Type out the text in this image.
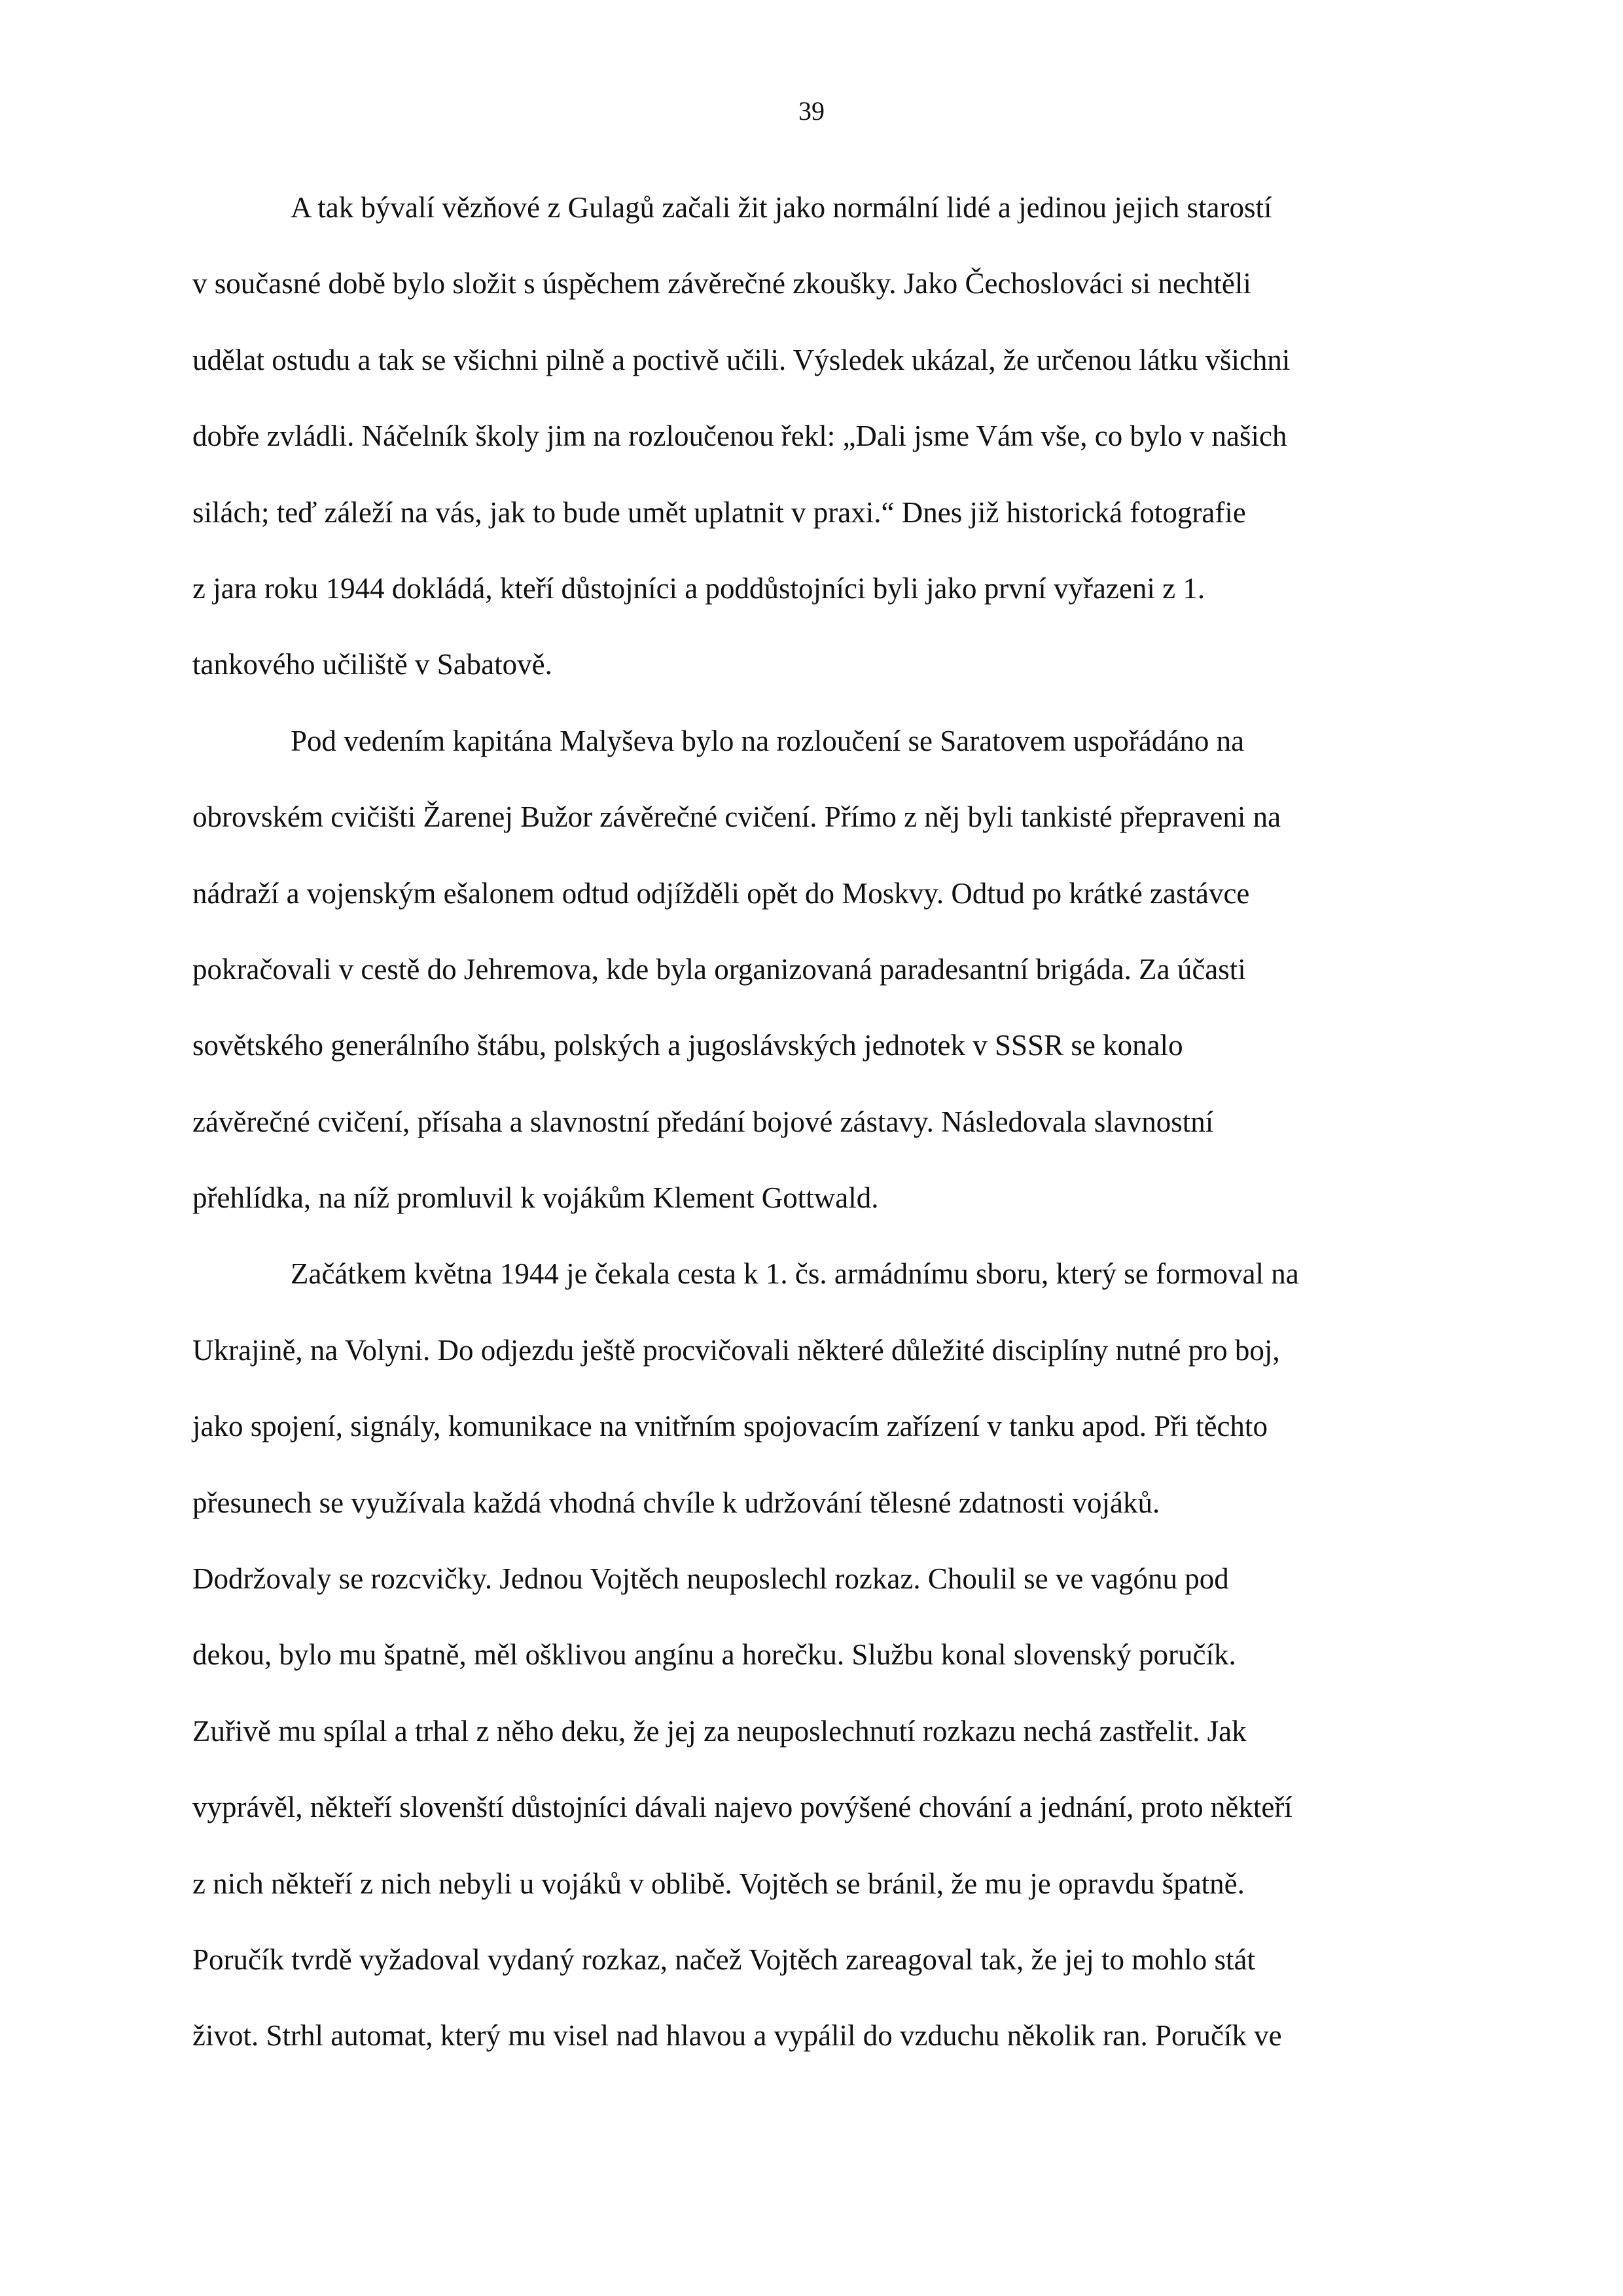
39
A tak bývalí vězňové z Gulagů začali žit jako normální lidé a jedinou jejich starostí
v současné době bylo složit s úspěchem závěrečné zkoušky. Jako Čechoslováci si nechtěli
udělat ostudu a tak se všichni pilně a poctivě učili. Výsledek ukázal, že určenou látku všichni
dobře zvládli. Náčelník školy jim na rozloučenou řekl: „Dali jsme Vám vše, co bylo v našich
silách; teď záleží na vás, jak to bude umět uplatnit v praxi.“ Dnes již historická fotografie
z jara roku 1944 dokládá, kteří důstojníci a poddůstojníci byli jako první vyřazeni z 1.
tankového učiliště v Sabatově.
Pod vedením kapitána Malyševa bylo na rozloučení se Saratovem uspořádáno na
obrovském cvičišti Žarenej Bužor závěrečné cvičení. Přímo z něj byli tankisté přepraveni na
nádraží a vojenským ešalonem odtud odjížděli opět do Moskvy. Odtud po krátké zastávce
pokračovali v cestě do Jehremova, kde byla organizovaná paradesantní brigáda. Za účasti
sovětského generálního štábu, polských a jugoslávských jednotek v SSSR se konalo
závěrečné cvičení, přísaha a slavnostní předání bojové zástavy. Následovala slavnostní
přehlídka, na níž promluvil k vojákům Klement Gottwald.
Začátkem května 1944 je čekala cesta k 1. čs. armádnímu sboru, který se formoval na
Ukrajině, na Volyni. Do odjezdu ještě procvičovali některé důležité disciplíny nutné pro boj,
jako spojení, signály, komunikace na vnitřním spojovacím zařízení v tanku apod. Při těchto
přesunech se využívala každá vhodná chvíle k udržování tělesné zdatnosti vojáků.
Dodržovaly se rozcvičky. Jednou Vojtěch neuposlechl rozkaz. Choulil se ve vagónu pod
dekou, bylo mu špatně, měl ošklivou angínu a horečku. Službu konal slovenský poručík.
Zuřivě mu spílal a trhal z něho deku, že jej za neuposlechnutí rozkazu nechá zastřelit. Jak
vyprávěl, někteří slovenští důstojníci dávali najevo povýšené chování a jednání, proto někteří
z nich někteří z nich nebyli u vojáků v oblibě. Vojtěch se bránil, že mu je opravdu špatně.
Poručík tvrdě vyžadoval vydaný rozkaz, načež Vojtěch zareagoval tak, že jej to mohlo stát
život. Strhl automat, který mu visel nad hlavou a vypálil do vzduchu několik ran. Poručík ve
